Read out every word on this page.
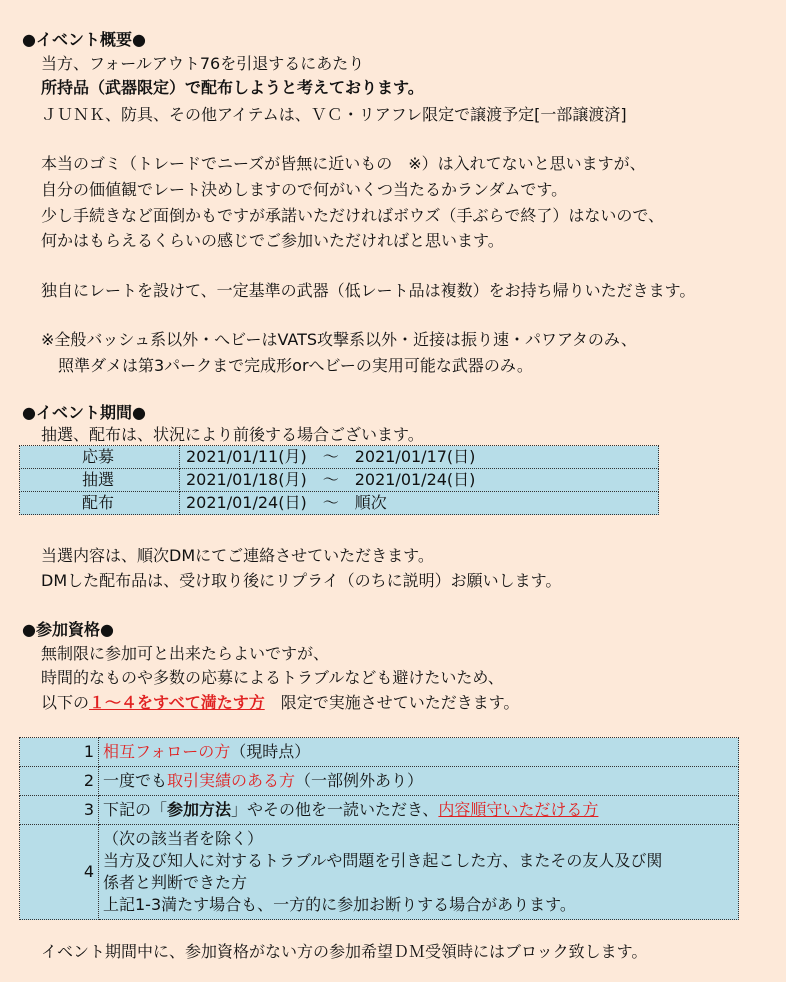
●イベント概要●
当方、フォールアウト76を引退するにあたり
所持品（武器限定）で配布しようと考えております。
ＪＵＮＫ、防具、その他アイテムは、ＶＣ・リアフレ限定で譲渡予定[一部譲渡済]
本当のゴミ（トレードでニーズが皆無に近いもの　※）は入れてないと思いますが、
自分の価値観でレート決めしますので何がいくつ当たるかランダムです。
少し手続きなど面倒かもですが承諾いただければボウズ（手ぶらで終了）はないので、
何かはもらえるくらいの感じでご参加いただければと思います。
独自にレートを設けて、一定基準の武器（低レート品は複数）をお持ち帰りいただきます。
※全般バッシュ系以外・へビーはVATS攻撃系以外・近接は振り速・パワアタのみ、
照準ダメは第3パークまで完成形orへビーの実用可能な武器のみ。
●イベント期間●
抽選、配布は、状況により前後する場合ございます。
応募	2021/01/11(月)　～　2021/01/17(日)
抽選	2021/01/18(月)　～　2021/01/24(日)
配布	2021/01/24(日)　～　順次
当選内容は、順次DMにてご連絡させていただきます。
DMした配布品は、受け取り後にリプライ（のちに説明）お願いします。
●参加資格●
無制限に参加可と出来たらよいですが、
時間的なものや多数の応募によるトラブルなども避けたいため、
以下の１～４をすべて満たす方　限定で実施させていただきます。
1	相互フォローの方（現時点）
2	一度でも取引実績のある方（一部例外あり）
3	下記の「参加方法」やその他を一読いただき、内容順守いただける方
4	（次の該当者を除く）
当方及び知人に対するトラブルや問題を引き起こした方、またその友人及び関
係者と判断できた方
上記1-3満たす場合も、一方的に参加お断りする場合があります。
イベント期間中に、参加資格がない方の参加希望ＤＭ受領時にはブロック致します。
